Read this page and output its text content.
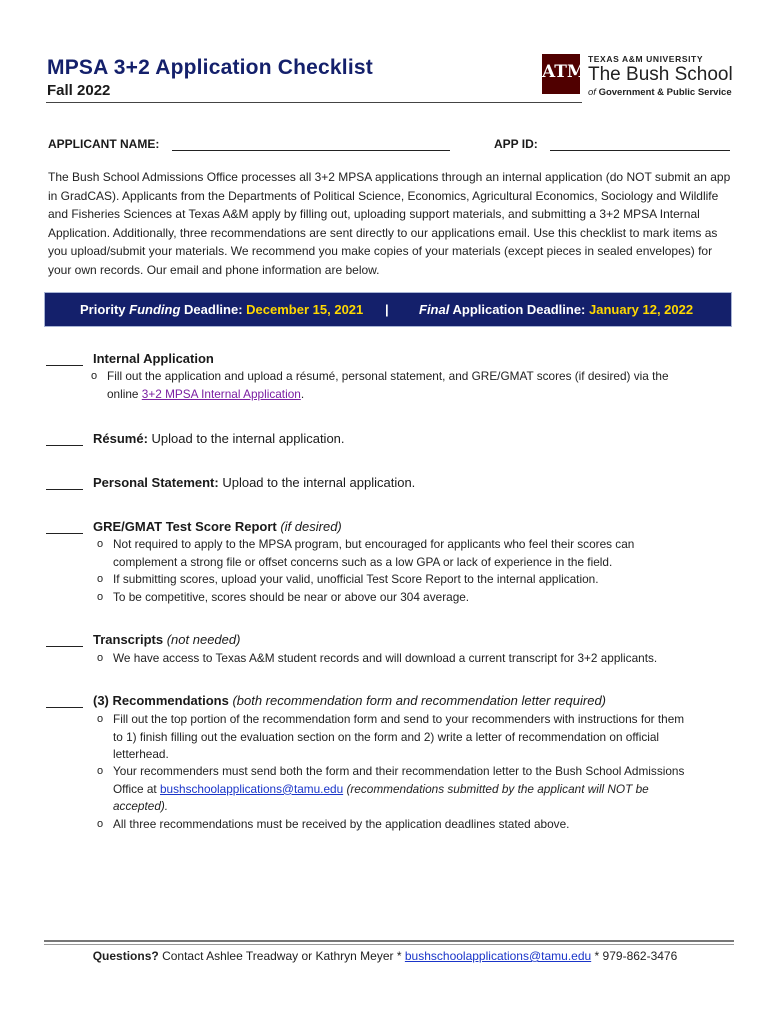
MPSA 3+2 Application Checklist
Fall 2022
ATM
TEXAS A&M UNIVERSITY
The Bush School
of Government & Public Service
APPLICANT NAME:	APP ID:
The Bush School Admissions Office processes all 3+2 MPSA applications through an internal application (do NOT submit an app in GradCAS). Applicants from the Departments of Political Science, Economics, Agricultural Economics, Sociology and Wildlife and Fisheries Sciences at Texas A&M apply by filling out, uploading support materials, and submitting a 3+2 MPSA Internal Application. Additionally, three recommendations are sent directly to our applications email. Use this checklist to mark items as you upload/submit your materials. We recommend you make copies of your materials (except pieces in sealed envelopes) for your own records. Our email and phone information are below.
Priority Funding Deadline: December 15, 2021 | Final Application Deadline: January 12, 2022
Internal Application
o Fill out the application and upload a résumé, personal statement, and GRE/GMAT scores (if desired) via the online 3+2 MPSA Internal Application.
Résumé: Upload to the internal application.
Personal Statement: Upload to the internal application.
GRE/GMAT Test Score Report (if desired)
o Not required to apply to the MPSA program, but encouraged for applicants who feel their scores can complement a strong file or offset concerns such as a low GPA or lack of experience in the field.
o If submitting scores, upload your valid, unofficial Test Score Report to the internal application.
o To be competitive, scores should be near or above our 304 average.
Transcripts (not needed)
o We have access to Texas A&M student records and will download a current transcript for 3+2 applicants.
(3) Recommendations (both recommendation form and recommendation letter required)
o Fill out the top portion of the recommendation form and send to your recommenders with instructions for them to 1) finish filling out the evaluation section on the form and 2) write a letter of recommendation on official letterhead.
o Your recommenders must send both the form and their recommendation letter to the Bush School Admissions Office at bushschoolapplications@tamu.edu (recommendations submitted by the applicant will NOT be accepted).
o All three recommendations must be received by the application deadlines stated above.
Questions? Contact Ashlee Treadway or Kathryn Meyer * bushschoolapplications@tamu.edu * 979-862-3476
